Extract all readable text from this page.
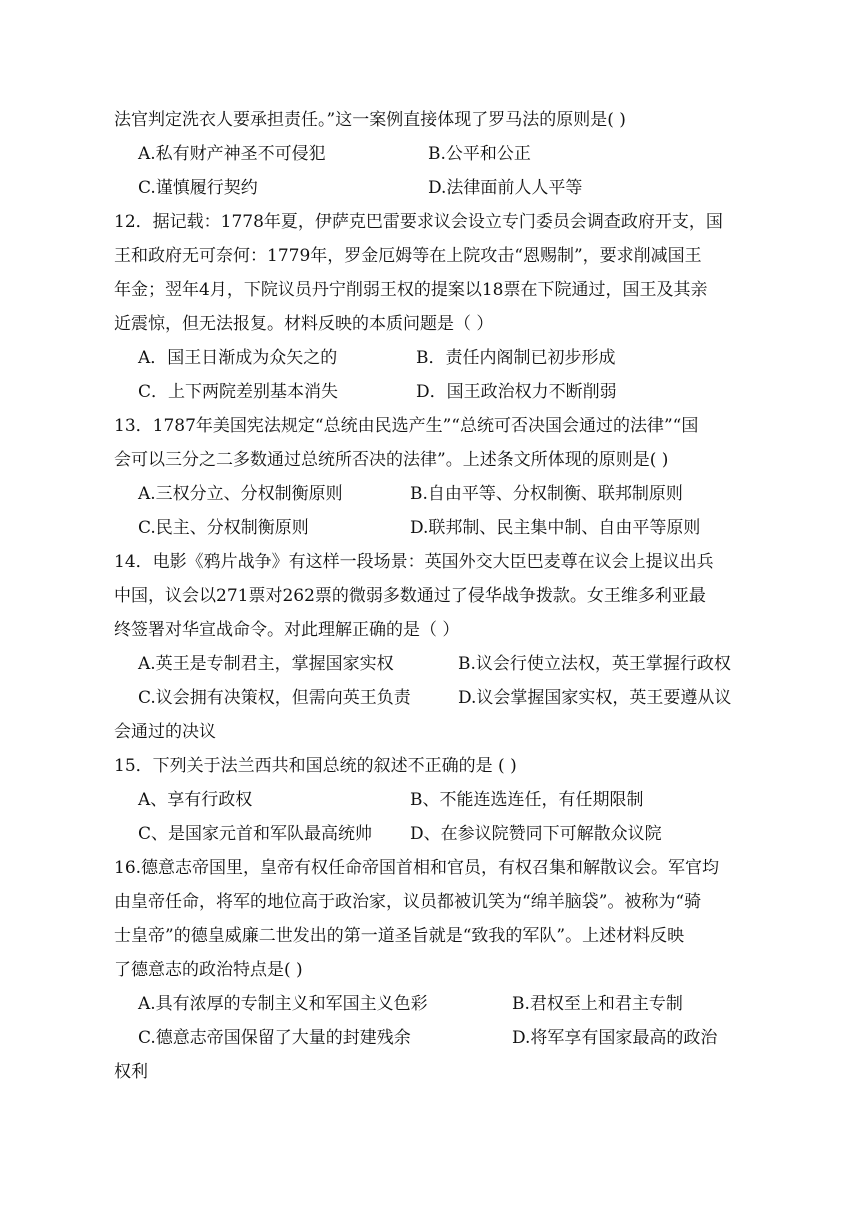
法官判定洗衣人要承担责任。”这一案例直接体现了罗马法的原则是( )
A.私有财产神圣不可侵犯	B.公平和公正
C.谨慎履行契约	D.法律面前人人平等
12．据记载：1778年夏，伊萨克巴雷要求议会设立专门委员会调查政府开支，国
王和政府无可奈何：1779年，罗金厄姆等在上院攻击“恩赐制”，要求削减国王
年金；翌年4月，下院议员丹宁削弱王权的提案以18票在下院通过，国王及其亲
近震惊，但无法报复。材料反映的本质问题是（ ）
A．国王日渐成为众矢之的	B．责任内阁制已初步形成
C．上下两院差别基本消失	D．国王政治权力不断削弱
13．1787年美国宪法规定“总统由民选产生”“总统可否决国会通过的法律”“国
会可以三分之二多数通过总统所否决的法律”。上述条文所体现的原则是( )
A.三权分立、分权制衡原则	B.自由平等、分权制衡、联邦制原则
C.民主、分权制衡原则	D.联邦制、民主集中制、自由平等原则
14．电影《鸦片战争》有这样一段场景：英国外交大臣巴麦尊在议会上提议出兵
中国，议会以271票对262票的微弱多数通过了侵华战争拨款。女王维多利亚最
终签署对华宣战命令。对此理解正确的是（ ）
A.英王是专制君主，掌握国家实权	B.议会行使立法权，英王掌握行政权
C.议会拥有决策权，但需向英王负责	D.议会掌握国家实权，英王要遵从议
会通过的决议
15．下列关于法兰西共和国总统的叙述不正确的是 ( )
A、享有行政权	B、不能连选连任，有任期限制
C、是国家元首和军队最高统帅 D、在参议院赞同下可解散众议院
16.德意志帝国里，皇帝有权任命帝国首相和官员，有权召集和解散议会。军官均
由皇帝任命，将军的地位高于政治家，议员都被讥笑为“绵羊脑袋”。被称为“骑
士皇帝”的德皇威廉二世发出的第一道圣旨就是“致我的军队”。上述材料反映
了德意志的政治特点是( )
A.具有浓厚的专制主义和军国主义色彩	B.君权至上和君主专制
C.德意志帝国保留了大量的封建残余	D.将军享有国家最高的政治
权利
